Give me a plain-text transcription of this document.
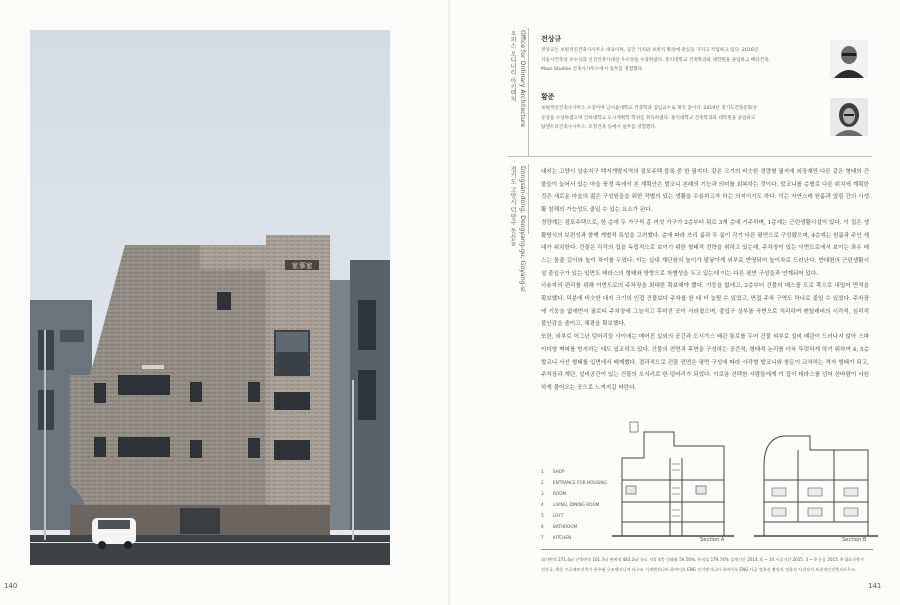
家事家
140
오피스 오디너리 아키텍처 Office for Ordinary Architecture 전상규
전상규는 보편적인건축사사무소 대표이며, 공간 가치와 보편적 확장에 관심을 가지고 작업하고 있다. 2016년
서울시건축상 우수상과 신진건축사대상 우수상을 수상하였다. 홍익대학교 건축학과와 대학원을 졸업하고 메타건축,
Mass Studies 건축사사무소에서 실무를 경험했다.
황준
보편적인건축사사무소 소장이며 남서울대학교 건축학과 겸임교수로 재직 중이다. 2019년 경기도건축문화상
동상을 수상하였으며 인하대학교 도시계획학 학위를 취득하였다. 홍익대학교 건축학과와 대학원을 졸업하고
탐엔트리건축사사무소, 모형건축 등에서 실무를 경험했다.
경기도 고양시 덕양구 동산동 Dongsan-dong, Deogyang-gu, Goyang-si	대지는 고양시 삼송지구 택지개발지역의 점포주택 블록 중 한 필지다. 같은 크기의 비슷한 경량형 필지에 외장재만 다른 같은 형태의 건물들이 늘어서 있는 마을 풍경 속에서 본 계획안은 발코니 본래의 기능과 의미를 회복하는 것이다. 발코니를 층별로 다른 위치에 계획한 것은 새로운 마을의 젊은 구성원들을 위한 작별의 있는 생활을 수용하고자 하는 의지이기도 하다. 이는 자연스레 원룸과 열림 간의 사생활 침해의 가능성도 줄일 수 있는 요소가 된다.

경량계는 점포주택으로, 한 층에 두 가구씩 총 여섯 가구가 2층부터 위로 3개 층에 거주하며, 1층에는 근린생활시설이 있다. 이 집은 생활방식의 보편성과 함께 개별적 특성을 고려했다. 층에 따라 쓰리 룸과 투 룸이 각기 다른 평면으로 구성됐으며, 4층에는 원룸과 주인 세대가 위치한다. 건물은 각각의 집을 독립적으로 보이기 위한 형태적 전략을 취하고 있는데, 주차장이 있는 이면도로에서 보이는 좌우 매스는 돌출 길이와 높이 차이를 두었다. 이는 실내 계단참의 높이가 맞닿아게 외부로 반영되어 높이차로 드러난다. 반대편의 근린생활시설 출입구가 있는 일면도 테라스의 형태와 방향으로 차별성을 두고 있는데 이는 다른 평면 구성들과 연계되어 있다.

사용자의 편리를 위해 이면도로의 주차장을 최대한 확보해야 했다. 기둥을 없애고, 2층부터 건물의 매스를 도로 쪽으로 내밀어 면적을 확보했다. 덕분에 비슷한 대지 크기의 인접 건물보다 주차를 한 대 더 늘릴 수 있었고, 면접 주차 구역도 하나로 줄일 수 있었다. 주차장에 기둥을 없애면서 필로티 주차장에 그늘지고 후미진 곳이 사라졌으며, 출입구 상부를 곡면으로 처리하여 캔틸레버의 시각적, 심리적 불안감을 줄이고, 채광을 확보했다.

또한, 외부로 어그난 덩어리들 사이에는 메어진 실외의 공간과 도시가스 배관 통로를 두어 건물 외부로 설비 배관이 드러나지 않아 스파이더형 벽피를 방지하는 데도 일조하고 있다. 건물의 전면과 후면을 구성하는 공간적, 형태적 논리를 더욱 뚜렷하게 하기 위하여 4, 5층 발코니 사선 형태를 입면에서 배제했다. 결과적으로 건물 전면은 평면 구성에 따라 사각형 발코니와 창문이 교차하는 격자 형태가 되고, 주차장과 계단, 설비공간이 있는 건물의 모서리로 한 덩어리가 되었다. 이로움 선택한 사람들에게 이 집이 테라스를 넘어 산바람이 사원하게 불어오는 곳으로 느껴지길 바란다.

1	SHOP
2	ENTRANCE FOR HOUSING
3	ROOM
4	LIVING, DINING ROOM
5	LOFT
6	BATHROOM
7	KITCHEN	Section A	Section B
대지면적 271.4㎡ 건축면적 161.7㎡ 연면적 483.2㎡ 규모 지상 4층 건폐율 59.58%, 용적률 179.74% 설계기간 2014. 6 ~ 10 시공기간 2015. 3 ~ 9 준공 2015. 9 대표건축가
전상규, 황준 프로젝트건축가 한주원 구조엔지니어 다구조 기계엔지니어 하여이오 ENG 전기엔지니어 하여이오 ENG 사공 정용진 촬영자 정용진 사진작가 보편적인건축사사무소
141
